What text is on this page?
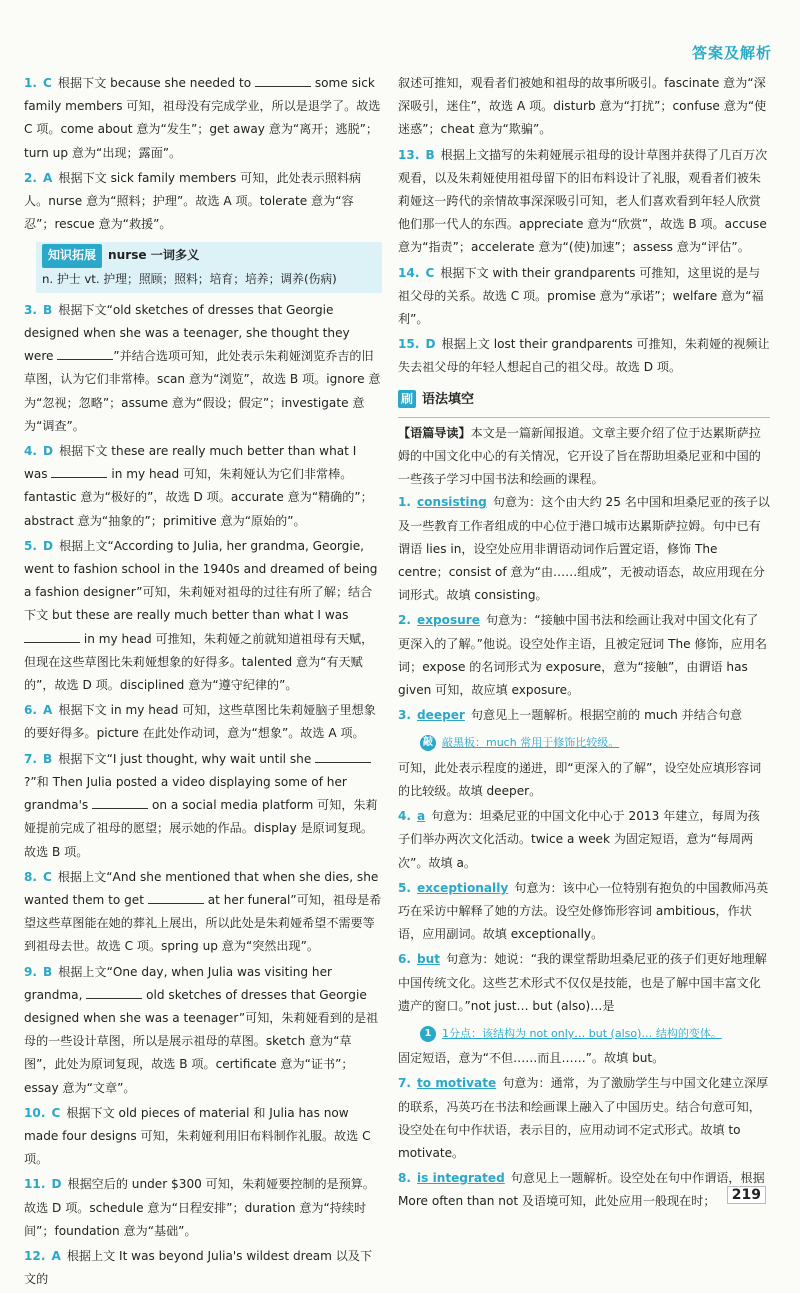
答案及解析
1. C 根据下文 because she needed to	some sick family members 可知，祖母没有完成学业，所以是退学了。故选 C 项。come about 意为“发生”；get away 意为“离开；逃脱”；turn up 意为“出现；露面”。
2. A 根据下文 sick family members 可知，此处表示照料病人。nurse 意为“照料；护理”。故选 A 项。tolerate 意为“容忍”；rescue 意为“救援”。
知识拓展 nurse 一词多义
n. 护士 vt. 护理；照顾；照料；培育；培养；调养(伤病)
3. B 根据下文“old sketches of dresses that Georgie designed when she was a teenager, she thought they were	”并结合选项可知，此处表示朱莉娅浏览乔吉的旧草图，认为它们非常棒。scan 意为“浏览”，故选 B 项。ignore 意为“忽视；忽略”；assume 意为“假设；假定”；investigate 意为“调查”。
4. D 根据下文 these are really much better than what I was	in my head 可知，朱莉娅认为它们非常棒。fantastic 意为“极好的”，故选 D 项。accurate 意为“精确的”；abstract 意为“抽象的”；primitive 意为“原始的”。
5. D 根据上文“According to Julia, her grandma, Georgie, went to fashion school in the 1940s and dreamed of being a fashion designer”可知，朱莉娅对祖母的过往有所了解；结合下文 but these are really much better than what I was  in my head 可推知，朱莉娅之前就知道祖母有天赋，但现在这些草图比朱莉娅想象的好得多。talented 意为“有天赋的”，故选 D 项。disciplined 意为“遵守纪律的”。
6. A 根据下文 in my head 可知，这些草图比朱莉娅脑子里想象的要好得多。picture 在此处作动词，意为“想象”。故选 A 项。
7. B 根据下文“I just thought, why wait until she ?”和 Then Julia posted a video displaying some of her grandma's	on a social media platform 可知，朱莉娅提前完成了祖母的愿望；展示她的作品。display 是原词复现。故选 B 项。
8. C 根据上文“And she mentioned that when she dies, she wanted them to get	at her funeral”可知，祖母是希望这些草图能在她的葬礼上展出，所以此处是朱莉娅希望不需要等到祖母去世。故选 C 项。spring up 意为“突然出现”。
9. B 根据上文“One day, when Julia was visiting her grandma,	old sketches of dresses that Georgie designed when she was a teenager”可知，朱莉娅看到的是祖母的一些设计草图，所以是展示祖母的草图。sketch 意为“草图”，此处为原词复现，故选 B 项。certificate 意为“证书”；essay 意为“文章”。
10. C 根据下文 old pieces of material 和 Julia has now made four designs 可知，朱莉娅利用旧布料制作礼服。故选 C 项。
11. D 根据空后的 under $300 可知，朱莉娅要控制的是预算。故选 D 项。schedule 意为“日程安排”；duration 意为“持续时间”；foundation 意为“基础”。
12. A 根据上文 It was beyond Julia's wildest dream 以及下文的
叙述可推知，观看者们被她和祖母的故事所吸引。fascinate 意为“深深吸引，迷住”，故选 A 项。disturb 意为“打扰”；confuse 意为“使迷惑”；cheat 意为“欺骗”。
13. B 根据上文描写的朱莉娅展示祖母的设计草图并获得了几百万次观看，以及朱莉娅使用祖母留下的旧布料设计了礼服，观看者们被朱莉娅这一跨代的亲情故事深深吸引可知，老人们喜欢看到年轻人欣赏他们那一代人的东西。appreciate 意为“欣赏”，故选 B 项。accuse 意为“指责”；accelerate 意为“(使)加速”；assess 意为“评估”。
14. C 根据下文 with their grandparents 可推知，这里说的是与祖父母的关系。故选 C 项。promise 意为“承诺”；welfare 意为“福利”。
15. D 根据上文 lost their grandparents 可推知，朱莉娅的视频让失去祖父母的年轻人想起自己的祖父母。故选 D 项。
刷 语法填空
【语篇导读】本文是一篇新闻报道。文章主要介绍了位于达累斯萨拉姆的中国文化中心的有关情况，它开设了旨在帮助坦桑尼亚和中国的一些孩子学习中国书法和绘画的课程。
1. consisting 句意为：这个由大约 25 名中国和坦桑尼亚的孩子以及一些教育工作者组成的中心位于港口城市达累斯萨拉姆。句中已有谓语 lies in，设空处应用非谓语动词作后置定语，修饰 The centre；consist of 意为“由……组成”，无被动语态，故应用现在分词形式。故填 consisting。
2. exposure 句意为：“接触中国书法和绘画让我对中国文化有了更深入的了解。”他说。设空处作主语，且被定冠词 The 修饰，应用名词；expose 的名词形式为 exposure，意为“接触”，由谓语 has given 可知，故应填 exposure。
3. deeper 句意见上一题解析。根据空前的 much 并结合句意
敲 敲黑板：much 常用于修饰比较级。
可知，此处表示程度的递进，即“更深入的了解”，设空处应填形容词的比较级。故填 deeper。
4. a 句意为：坦桑尼亚的中国文化中心于 2013 年建立，每周为孩子们举办两次文化活动。twice a week 为固定短语，意为“每周两次”。故填 a。
5. exceptionally 句意为：该中心一位特别有抱负的中国教师冯英巧在采访中解释了她的方法。设空处修饰形容词 ambitious，作状语，应用副词。故填 exceptionally。
6. but 句意为：她说：“我的课堂帮助坦桑尼亚的孩子们更好地理解中国传统文化。这些艺术形式不仅仅是技能，也是了解中国丰富文化遗产的窗口。”not just… but (also)…是
1 1分点：该结构为 not only… but (also)… 结构的变体。
固定短语，意为“不但……而且……”。故填 but。
7. to motivate 句意为：通常，为了激励学生与中国文化建立深厚的联系，冯英巧在书法和绘画课上融入了中国历史。结合句意可知，设空处在句中作状语，表示目的，应用动词不定式形式。故填 to motivate。
8. is integrated 句意见上一题解析。设空处在句中作谓语，根据 More often than not 及语境可知，此处应用一般现在时；	219
